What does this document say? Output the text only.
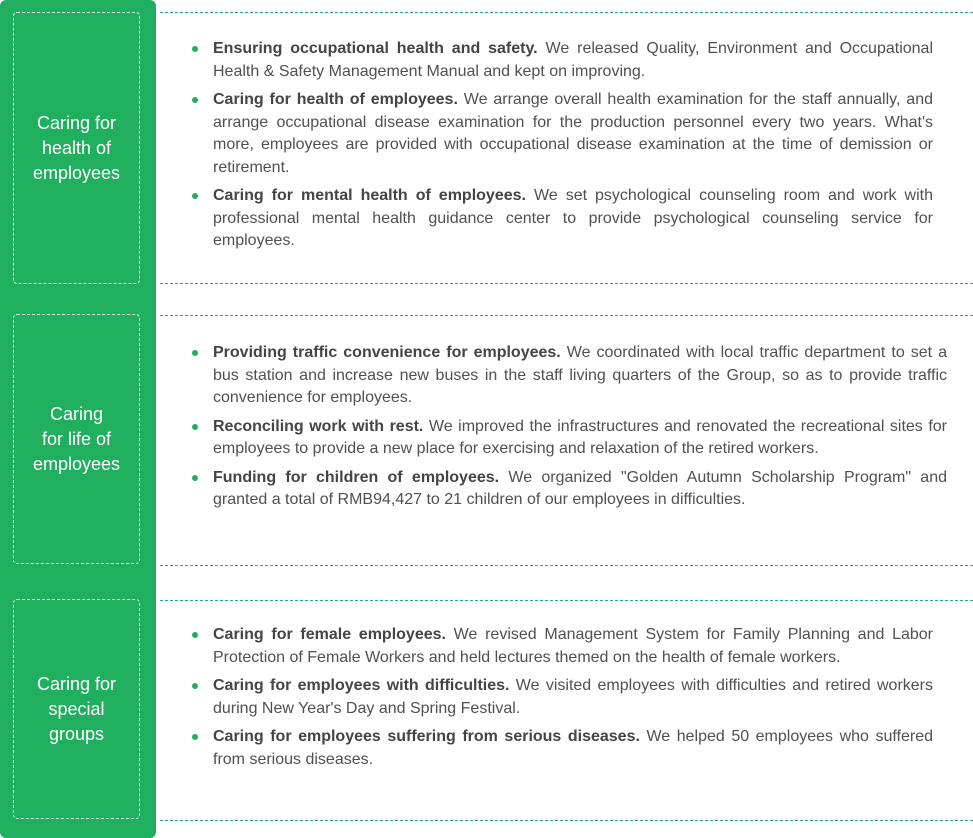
Caring for
health of
employees
Ensuring occupational health and safety. We released Quality, Environment and Occupational Health & Safety Management Manual and kept on improving.
Caring for health of employees. We arrange overall health examination for the staff annually, and arrange occupational disease examination for the production personnel every two years. What's more, employees are provided with occupational disease examination at the time of demission or retirement.
Caring for mental health of employees. We set psychological counseling room and work with professional mental health guidance center to provide psychological counseling service for employees.
Caring
for life of
employees
Providing traffic convenience for employees. We coordinated with local traffic department to set a bus station and increase new buses in the staff living quarters of the Group, so as to provide traffic convenience for employees.
Reconciling work with rest. We improved the infrastructures and renovated the recreational sites for employees to provide a new place for exercising and relaxation of the retired workers.
Funding for children of employees. We organized "Golden Autumn Scholarship Program" and granted a total of RMB94,427 to 21 children of our employees in difficulties.
Caring for
special
groups
Caring for female employees. We revised Management System for Family Planning and Labor Protection of Female Workers and held lectures themed on the health of female workers.
Caring for employees with difficulties. We visited employees with difficulties and retired workers during New Year's Day and Spring Festival.
Caring for employees suffering from serious diseases. We helped 50 employees who suffered from serious diseases.
